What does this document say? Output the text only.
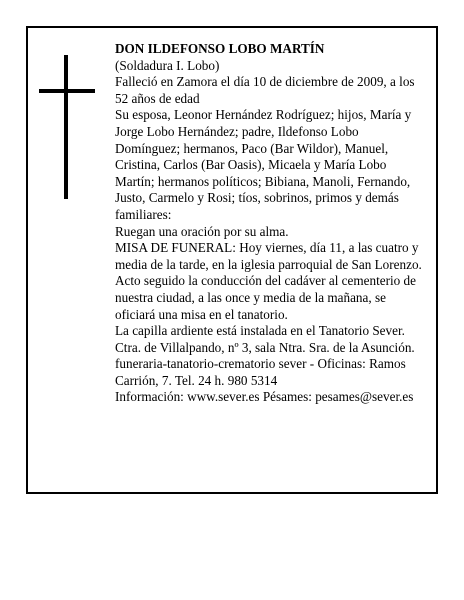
DON ILDEFONSO LOBO MARTÍN

(Soldadura I. Lobo)

Falleció en Zamora el día 10 de diciembre de 2009, a los 52 años de edad

Su esposa, Leonor Hernández Rodríguez; hijos, María y Jorge Lobo Hernández; padre, Ildefonso Lobo Domínguez; hermanos, Paco (Bar Wildor), Manuel, Cristina, Carlos (Bar Oasis), Micaela y María Lobo Martín; hermanos políticos; Bibiana, Manoli, Fernando, Justo, Carmelo y Rosi; tíos, sobrinos, primos y demás familiares:

Ruegan una oración por su alma.

MISA DE FUNERAL: Hoy viernes, día 11, a las cuatro y media de la tarde, en la iglesia parroquial de San Lorenzo. Acto seguido la conducción del cadáver al cementerio de nuestra ciudad, a las once y media de la mañana, se oficiará una misa en el tanatorio.

La capilla ardiente está instalada en el Tanatorio Sever. Ctra. de Villalpando, nº 3, sala Ntra. Sra. de la Asunción.

funeraria-tanatorio-crematorio sever - Oficinas: Ramos Carrión, 7. Tel. 24 h. 980 5314

Información: www.sever.es Pésames: pesames@sever.es
